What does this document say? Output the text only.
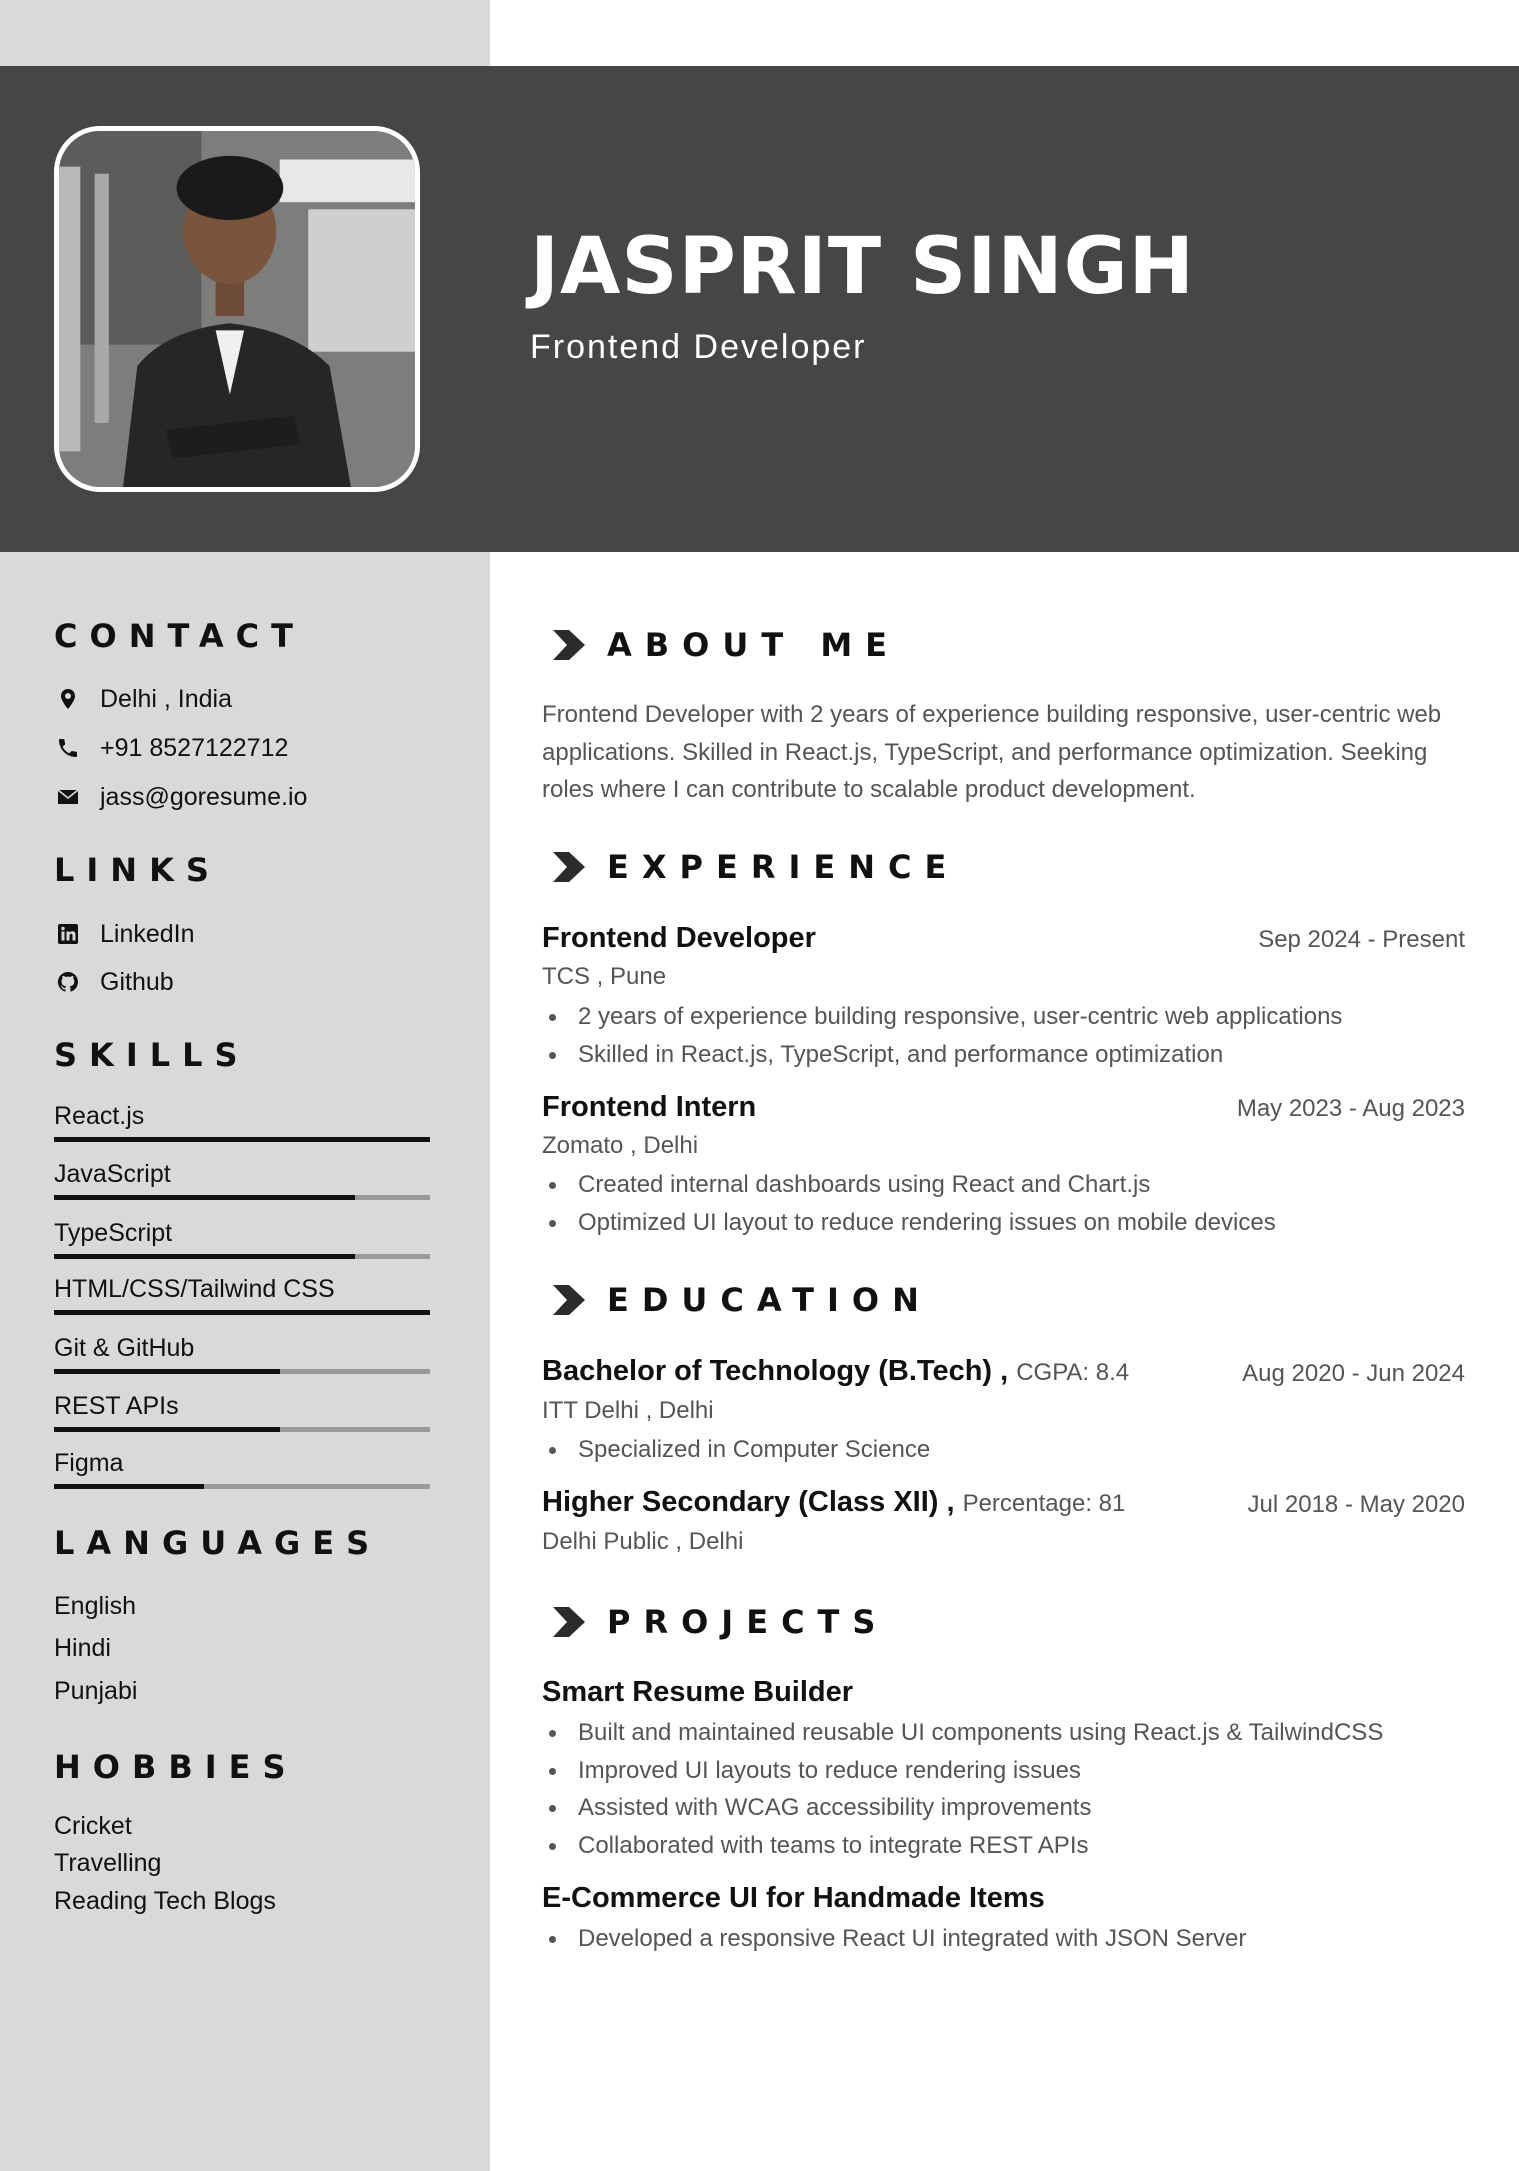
JASPRIT SINGH
Frontend Developer
CONTACT
Delhi , India
+91 8527122712
jass@goresume.io
LINKS
LinkedIn
Github
SKILLS
React.js
JavaScript
TypeScript
HTML/CSS/Tailwind CSS
Git & GitHub
REST APIs
Figma
LANGUAGES
English
Hindi
Punjabi
HOBBIES
Cricket
Travelling
Reading Tech Blogs
ABOUT ME
Frontend Developer with 2 years of experience building responsive, user-centric web applications. Skilled in React.js, TypeScript, and performance optimization. Seeking roles where I can contribute to scalable product development.
EXPERIENCE
Frontend Developer	Sep 2024 - Present
TCS , Pune
2 years of experience building responsive, user-centric web applications
Skilled in React.js, TypeScript, and performance optimization
Frontend Intern	May 2023 - Aug 2023
Zomato , Delhi
Created internal dashboards using React and Chart.js
Optimized UI layout to reduce rendering issues on mobile devices
EDUCATION
Bachelor of Technology (B.Tech) , CGPA: 8.4	Aug 2020 - Jun 2024
ITT Delhi , Delhi
Specialized in Computer Science
Higher Secondary (Class XII) , Percentage: 81	Jul 2018 - May 2020
Delhi Public , Delhi
PROJECTS
Smart Resume Builder
Built and maintained reusable UI components using React.js & TailwindCSS
Improved UI layouts to reduce rendering issues
Assisted with WCAG accessibility improvements
Collaborated with teams to integrate REST APIs
E-Commerce UI for Handmade Items
Developed a responsive React UI integrated with JSON Server
